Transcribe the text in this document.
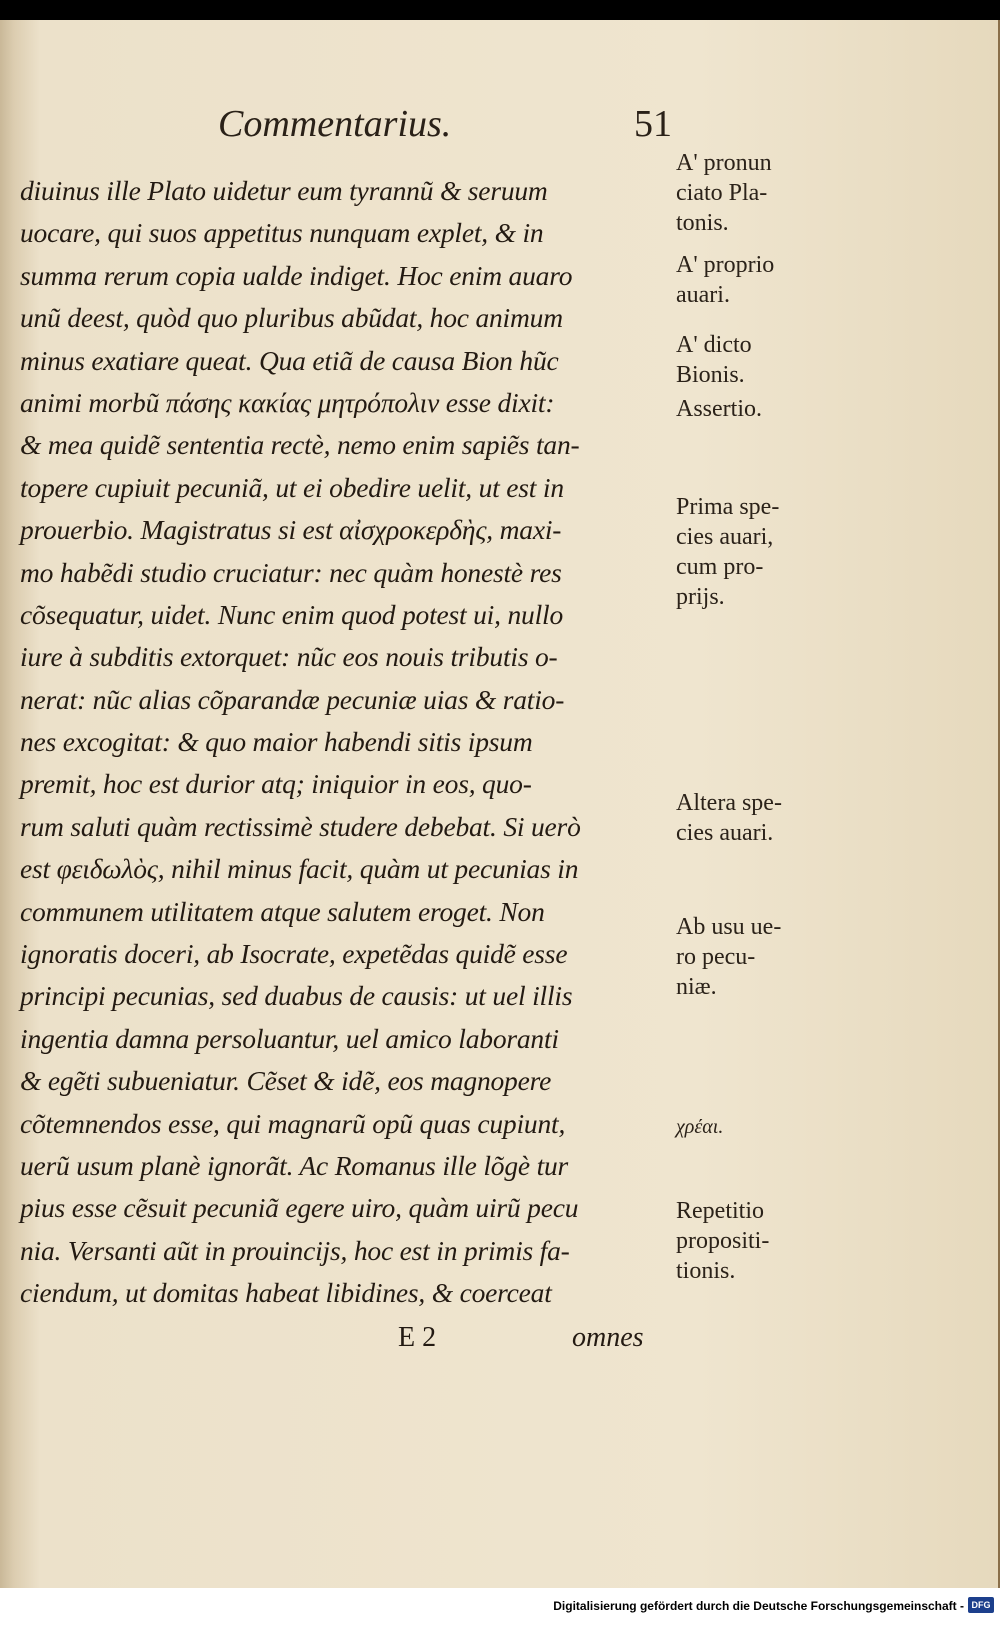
Commentarius.	51
diuinus ille Plato uidetur eum tyrannũ & seruum
uocare, qui suos appetitus nunquam explet, & in
summa rerum copia ualde indiget. Hoc enim auaro
unũ deest, quòd quo pluribus abũdat, hoc animum
minus exatiare queat. Qua etiã de causa Bion hũc
animi morbũ πάσης κακίας μητρόπολιν esse dixit:
& mea quidẽ sententia rectè, nemo enim sapiẽs tan-
topere cupiuit pecuniã, ut ei obedire uelit, ut est in
prouerbio. Magistratus si est αἰσχροκερδὴς, maxi-
mo habẽdi studio cruciatur: nec quàm honestè res
cõsequatur, uidet. Nunc enim quod potest ui, nullo
iure à subditis extorquet: nũc eos nouis tributis o-
nerat: nũc alias cõparandæ pecuniæ uias & ratio-
nes excogitat: & quo maior habendi sitis ipsum
premit, hoc est durior atq; iniquior in eos, quo-
rum saluti quàm rectissimè studere debebat. Si uerò
est φειδωλὸς, nihil minus facit, quàm ut pecunias in
communem utilitatem atque salutem eroget. Non
ignoratis doceri, ab Isocrate, expetẽdas quidẽ esse
principi pecunias, sed duabus de causis: ut uel illis
ingentia damna persoluantur, uel amico laboranti
& egẽti subueniatur. Cẽset & idẽ, eos magnopere
cõtemnendos esse, qui magnarũ opũ quas cupiunt,
uerũ usum planè ignorãt. Ac Romanus ille lõgè tur
pius esse cẽsuit pecuniã egere uiro, quàm uirũ pecu
nia. Versanti aũt in prouincijs, hoc est in primis fa-
ciendum, ut domitas habeat libidines, & coerceat
A' pronun
ciato Pla-
tonis.
A' proprio
auari.
A' dicto
Bionis.
Assertio.
Prima spe-
cies auari,
cum pro-
prijs.
Altera spe-
cies auari.
Ab usu ue-
ro pecu-
niæ.
χρέαι.
Repetitio
propositi-
tionis.
E 2	omnes
Digitalisierung gefördert durch die Deutsche Forschungsgemeinschaft - DFG
